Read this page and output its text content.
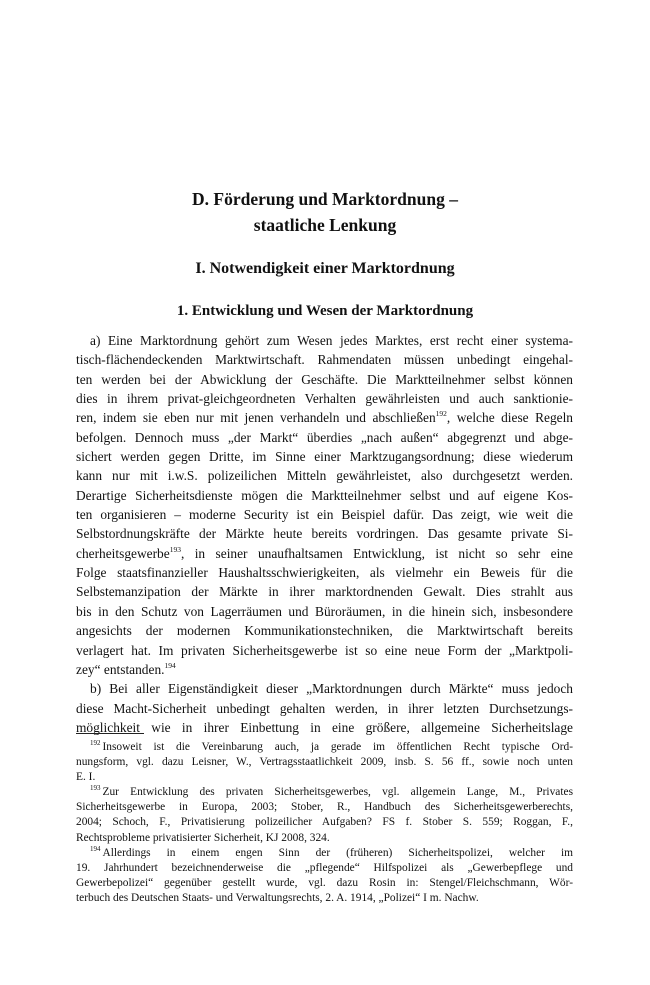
D. Förderung und Marktordnung –
staatliche Lenkung
I. Notwendigkeit einer Marktordnung
1. Entwicklung und Wesen der Marktordnung
a) Eine Marktordnung gehört zum Wesen jedes Marktes, erst recht einer systema-
tisch-flächendeckenden Marktwirtschaft. Rahmendaten müssen unbedingt eingehal-
ten werden bei der Abwicklung der Geschäfte. Die Marktteilnehmer selbst können
dies in ihrem privat-gleichgeordneten Verhalten gewährleisten und auch sanktionie-
ren, indem sie eben nur mit jenen verhandeln und abschließen$^{192}$, welche diese Regeln
befolgen. Dennoch muss „der Markt“ überdies „nach außen“ abgegrenzt und abge-
sichert werden gegen Dritte, im Sinne einer Marktzugangsordnung; diese wiederum
kann nur mit i.w.S. polizeilichen Mitteln gewährleistet, also durchgesetzt werden.
Derartige Sicherheitsdienste mögen die Marktteilnehmer selbst und auf eigene Kos-
ten organisieren – moderne Security ist ein Beispiel dafür. Das zeigt, wie weit die
Selbstordnungskräfte der Märkte heute bereits vordringen. Das gesamte private Si-
cherheitsgewerbe$^{193}$, in seiner unaufhaltsamen Entwicklung, ist nicht so sehr eine
Folge staatsfinanzieller Haushaltsschwierigkeiten, als vielmehr ein Beweis für die
Selbstemanzipation der Märkte in ihrer marktordnenden Gewalt. Dies strahlt aus
bis in den Schutz von Lagerräumen und Büroräumen, in die hinein sich, insbesondere
angesichts der modernen Kommunikationstechniken, die Marktwirtschaft bereits
verlagert hat. Im privaten Sicherheitsgewerbe ist so eine neue Form der „Marktpoli-
zey“ entstanden.$^{194}$
b) Bei aller Eigenständigkeit dieser „Marktordnungen durch Märkte“ muss jedoch
diese Macht-Sicherheit unbedingt gehalten werden, in ihrer letzten Durchsetzungs-
möglichkeit wie in ihrer Einbettung in eine größere, allgemeine Sicherheitslage
$^{192}$ Insoweit ist die Vereinbarung auch, ja gerade im öffentlichen Recht typische Ord-
nungsform, vgl. dazu Leisner, W., Vertragsstaatlichkeit 2009, insb. S. 56 ff., sowie noch unten
E. I.
$^{193}$ Zur Entwicklung des privaten Sicherheitsgewerbes, vgl. allgemein Lange, M., Privates
Sicherheitsgewerbe in Europa, 2003; Stober, R., Handbuch des Sicherheitsgewerberechts,
2004; Schoch, F., Privatisierung polizeilicher Aufgaben? FS f. Stober S. 559; Roggan, F.,
Rechtsprobleme privatisierter Sicherheit, KJ 2008, 324.
$^{194}$ Allerdings in einem engen Sinn der (früheren) Sicherheitspolizei, welcher im
19. Jahrhundert bezeichnenderweise die „pflegende“ Hilfspolizei als „Gewerbepflege und
Gewerbepolizei“ gegenüber gestellt wurde, vgl. dazu Rosin in: Stengel/Fleichschmann, Wör-
terbuch des Deutschen Staats- und Verwaltungsrechts, 2. A. 1914, „Polizei“ I m. Nachw.
